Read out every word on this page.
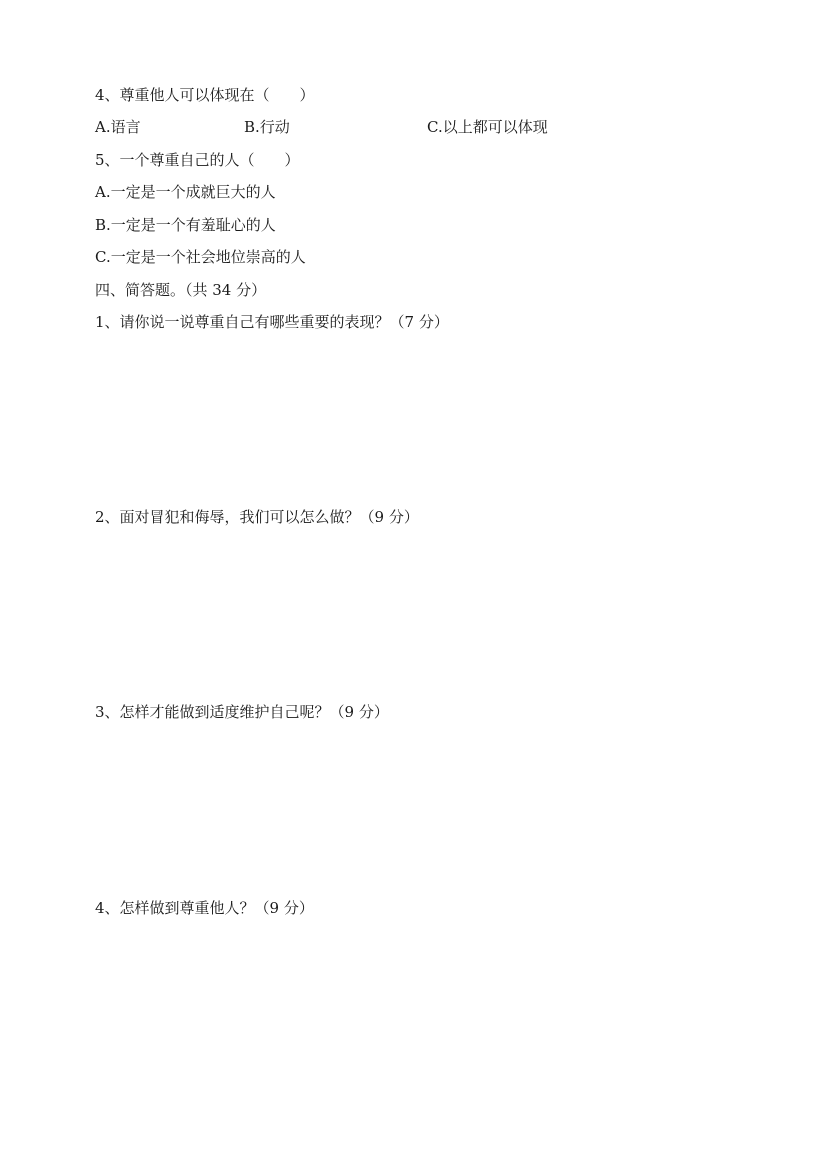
4、尊重他人可以体现在（　　）
A.语言	B.行动	C.以上都可以体现
5、一个尊重自己的人（　　）
A.一定是一个成就巨大的人
B.一定是一个有羞耻心的人
C.一定是一个社会地位崇高的人
四、简答题。（共 34 分）
1、请你说一说尊重自己有哪些重要的表现？（7 分）
2、面对冒犯和侮辱，我们可以怎么做？（9 分）
3、怎样才能做到适度维护自己呢？（9 分）
4、怎样做到尊重他人？（9 分）
